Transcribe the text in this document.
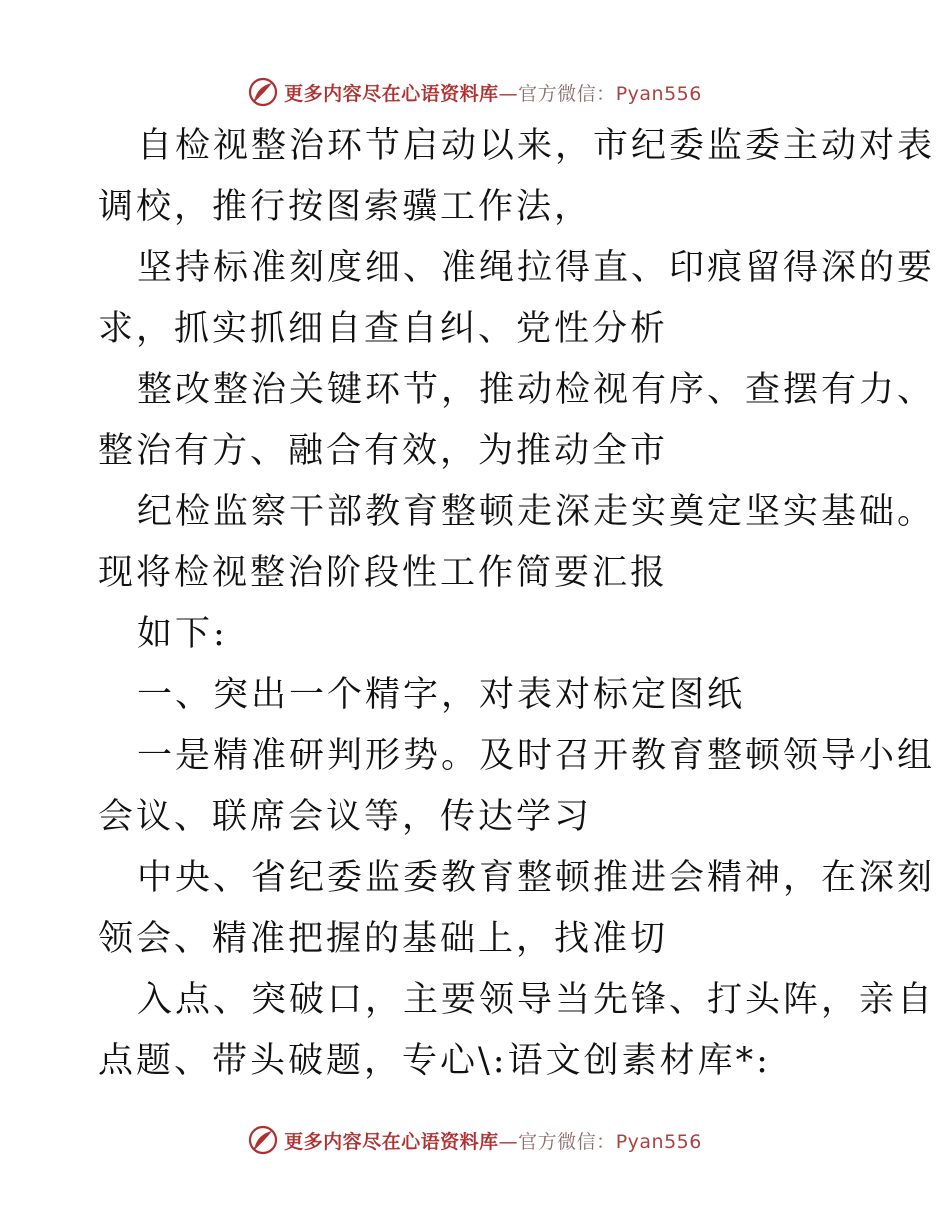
更多内容尽在心语资料库—官方微信：Pyan556

自检视整治环节启动以来，市纪委监委主动对表

调校，推行按图索骥工作法，

坚持标准刻度细、准绳拉得直、印痕留得深的要

求，抓实抓细自查自纠、党性分析

整改整治关键环节，推动检视有序、查摆有力、

整治有方、融合有效，为推动全市

纪检监察干部教育整顿走深走实奠定坚实基础。

现将检视整治阶段性工作简要汇报

如下:

一、突出一个精字，对表对标定图纸

一是精准研判形势。及时召开教育整顿领导小组

会议、联席会议等，传达学习

中央、省纪委监委教育整顿推进会精神，在深刻

领会、精准把握的基础上，找准切

入点、突破口，主要领导当先锋、打头阵，亲自

点题、带头破题，专心\:语文创素材库*:

更多内容尽在心语资料库—官方微信：Pyan556
